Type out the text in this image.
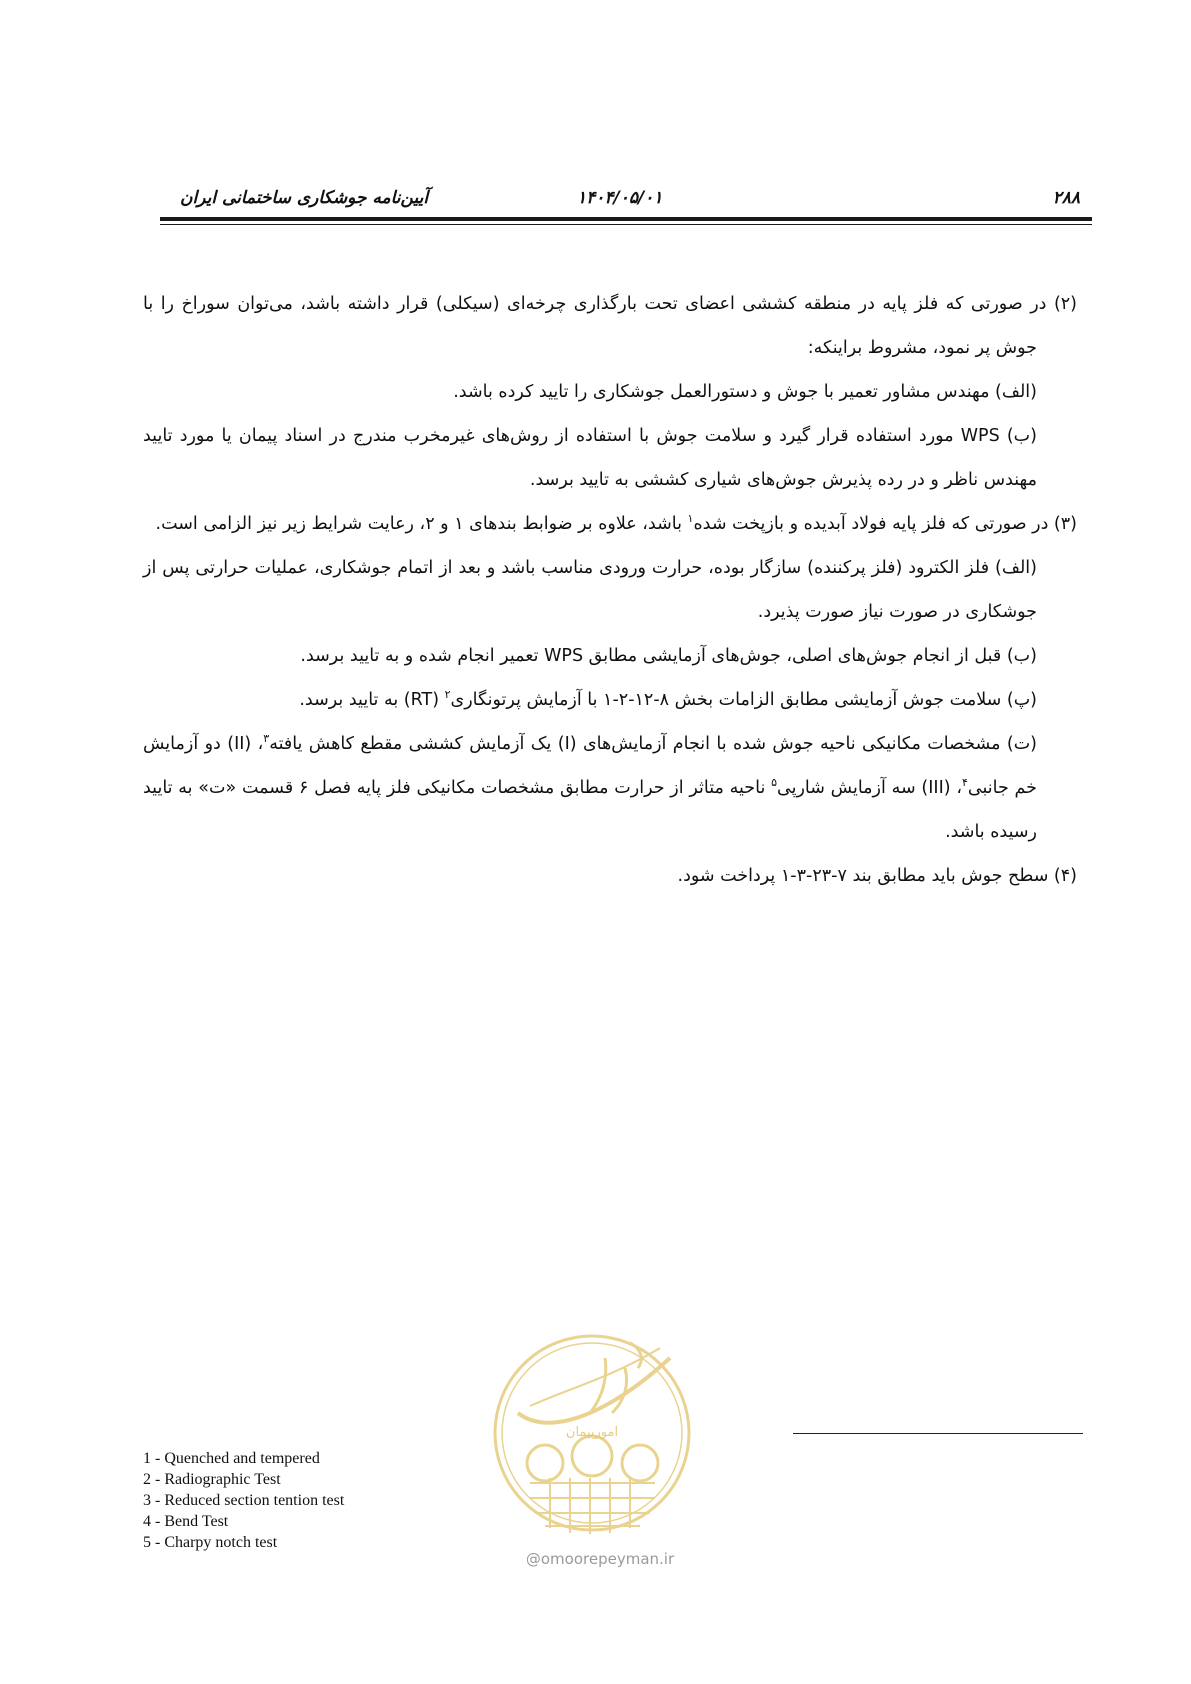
۲۸۸
۱۴۰۴/۰۵/۰۱
آیین‌نامه جوشکاری ساختمانی ایران
(۲) در صورتی که فلز پایه در منطقه کششی اعضای تحت بارگذاری چرخه‌ای (سیکلی) قرار داشته باشد، می‌توان سوراخ را با جوش پر نمود، مشروط براینکه:
(الف) مهندس مشاور تعمیر با جوش و دستورالعمل جوشکاری را تایید کرده باشد.
(ب) WPS مورد استفاده قرار گیرد و سلامت جوش با استفاده از روش‌های غیرمخرب مندرج در اسناد پیمان یا مورد تایید مهندس ناظر و در رده پذیرش جوش‌های شیاری کششی به تایید برسد.
(۳) در صورتی که فلز پایه فولاد آبدیده و بازپخت شده$^۱$ باشد، علاوه بر ضوابط بندهای ۱ و ۲، رعایت شرایط زیر نیز الزامی است.
(الف) فلز الکترود (فلز پرکننده) سازگار بوده، حرارت ورودی مناسب باشد و بعد از اتمام جوشکاری، عملیات حرارتی پس از جوشکاری در صورت نیاز صورت پذیرد.
(ب) قبل از انجام جوش‌های اصلی، جوش‌های آزمایشی مطابق WPS تعمیر انجام شده و به تایید برسد.
(پ) سلامت جوش آزمایشی مطابق الزامات بخش ۸-۱۲-۲-۱ با آزمایش پرتونگاری$^۲$ (RT) به تایید برسد.
(ت) مشخصات مکانیکی ناحیه جوش شده با انجام آزمایش‌های (I) یک آزمایش کششی مقطع کاهش یافته$^۳$، (II) دو آزمایش خم جانبی$^۴$، (III) سه آزمایش شارپی$^۵$ ناحیه متاثر از حرارت مطابق مشخصات مکانیکی فلز پایه فصل ۶ قسمت «ت» به تایید رسیده باشد.
(۴) سطح جوش باید مطابق بند ۷-۲۳-۳-۱ پرداخت شود.
1 - Quenched and tempered
2 - Radiographic Test
3 - Reduced section tention test
4 - Bend Test
5 - Charpy notch test
امورپیمان
@omoorepeyman.ir
